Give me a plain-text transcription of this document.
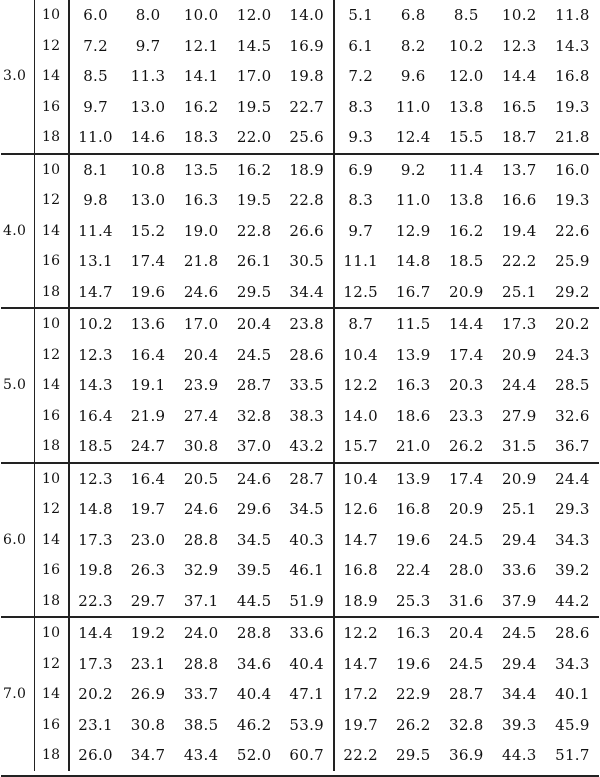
3.0	10	6.0	8.0	10.0	12.0	14.0	5.1	6.8	8.5	10.2	11.8
	12	7.2	9.7	12.1	14.5	16.9	6.1	8.2	10.2	12.3	14.3
	14	8.5	11.3	14.1	17.0	19.8	7.2	9.6	12.0	14.4	16.8
	16	9.7	13.0	16.2	19.5	22.7	8.3	11.0	13.8	16.5	19.3
	18	11.0	14.6	18.3	22.0	25.6	9.3	12.4	15.5	18.7	21.8
4.0	10	8.1	10.8	13.5	16.2	18.9	6.9	9.2	11.4	13.7	16.0
	12	9.8	13.0	16.3	19.5	22.8	8.3	11.0	13.8	16.6	19.3
	14	11.4	15.2	19.0	22.8	26.6	9.7	12.9	16.2	19.4	22.6
	16	13.1	17.4	21.8	26.1	30.5	11.1	14.8	18.5	22.2	25.9
	18	14.7	19.6	24.6	29.5	34.4	12.5	16.7	20.9	25.1	29.2
5.0	10	10.2	13.6	17.0	20.4	23.8	8.7	11.5	14.4	17.3	20.2
	12	12.3	16.4	20.4	24.5	28.6	10.4	13.9	17.4	20.9	24.3
	14	14.3	19.1	23.9	28.7	33.5	12.2	16.3	20.3	24.4	28.5
	16	16.4	21.9	27.4	32.8	38.3	14.0	18.6	23.3	27.9	32.6
	18	18.5	24.7	30.8	37.0	43.2	15.7	21.0	26.2	31.5	36.7
6.0	10	12.3	16.4	20.5	24.6	28.7	10.4	13.9	17.4	20.9	24.4
	12	14.8	19.7	24.6	29.6	34.5	12.6	16.8	20.9	25.1	29.3
	14	17.3	23.0	28.8	34.5	40.3	14.7	19.6	24.5	29.4	34.3
	16	19.8	26.3	32.9	39.5	46.1	16.8	22.4	28.0	33.6	39.2
	18	22.3	29.7	37.1	44.5	51.9	18.9	25.3	31.6	37.9	44.2
7.0	10	14.4	19.2	24.0	28.8	33.6	12.2	16.3	20.4	24.5	28.6
	12	17.3	23.1	28.8	34.6	40.4	14.7	19.6	24.5	29.4	34.3
	14	20.2	26.9	33.7	40.4	47.1	17.2	22.9	28.7	34.4	40.1
	16	23.1	30.8	38.5	46.2	53.9	19.7	26.2	32.8	39.3	45.9
	18	26.0	34.7	43.4	52.0	60.7	22.2	29.5	36.9	44.3	51.7
